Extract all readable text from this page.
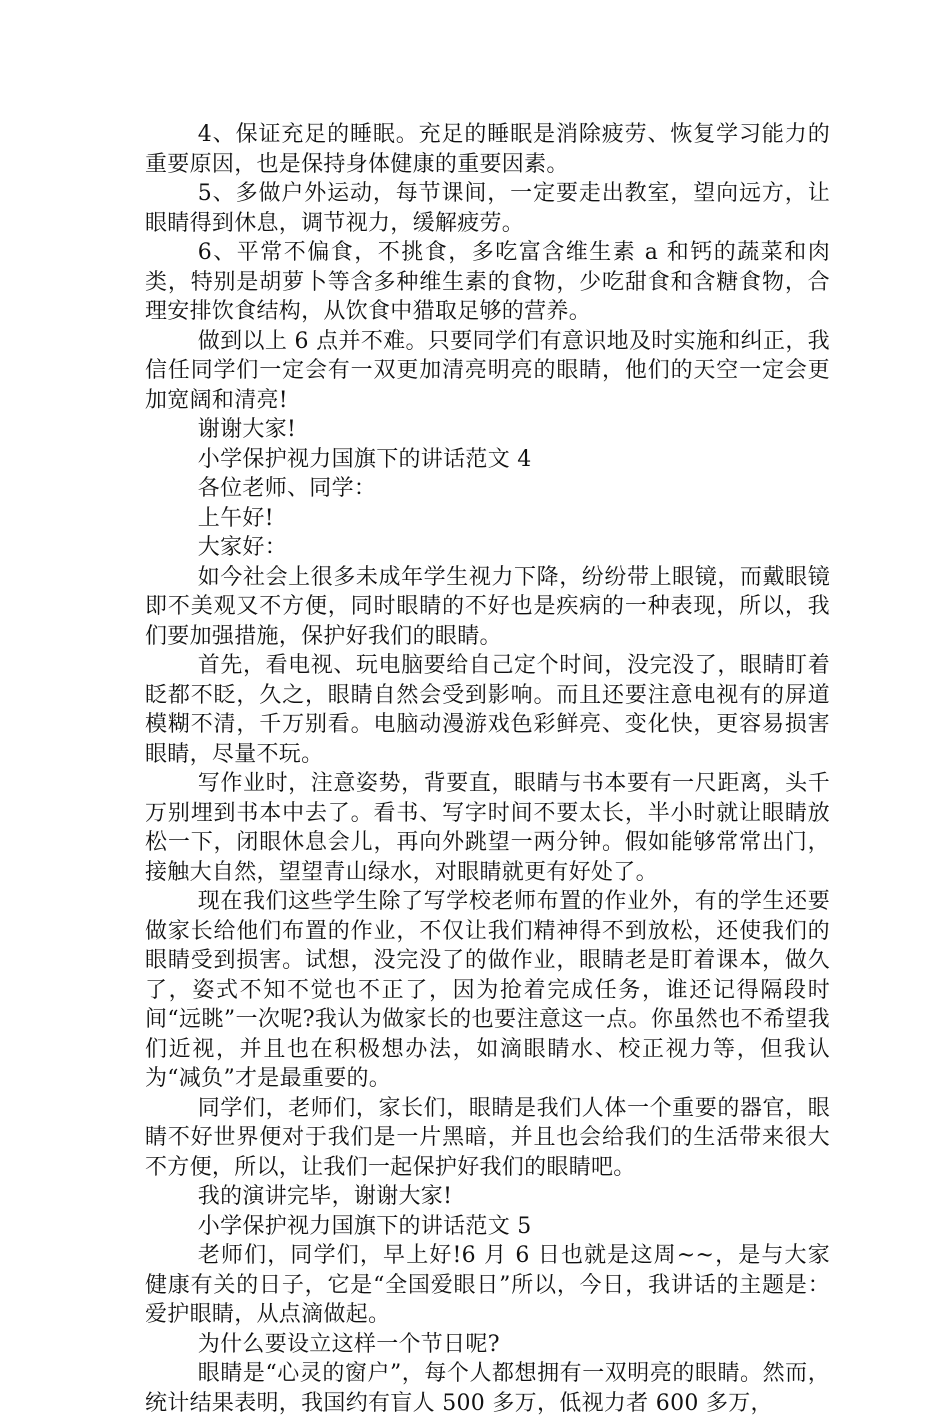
4、保证充足的睡眠。充足的睡眠是消除疲劳、恢复学习能力的重要原因，也是保持身体健康的重要因素。

5、多做户外运动，每节课间，一定要走出教室，望向远方，让眼睛得到休息，调节视力，缓解疲劳。

6、平常不偏食，不挑食，多吃富含维生素 a 和钙的蔬菜和肉类，特别是胡萝卜等含多种维生素的食物，少吃甜食和含糖食物，合理安排饮食结构，从饮食中猎取足够的营养。

做到以上 6 点并不难。只要同学们有意识地及时实施和纠正，我信任同学们一定会有一双更加清亮明亮的眼睛，他们的天空一定会更加宽阔和清亮!

谢谢大家!

小学保护视力国旗下的讲话范文 4

各位老师、同学：

上午好!

大家好：

如今社会上很多未成年学生视力下降，纷纷带上眼镜，而戴眼镜即不美观又不方便，同时眼睛的不好也是疾病的一种表现，所以，我们要加强措施，保护好我们的眼睛。

首先，看电视、玩电脑要给自己定个时间，没完没了，眼睛盯着眨都不眨，久之，眼睛自然会受到影响。而且还要注意电视有的屏道模糊不清，千万别看。电脑动漫游戏色彩鲜亮、变化快，更容易损害眼睛，尽量不玩。

写作业时，注意姿势，背要直，眼睛与书本要有一尺距离，头千万别埋到书本中去了。看书、写字时间不要太长，半小时就让眼睛放松一下，闭眼休息会儿，再向外跳望一两分钟。假如能够常常出门，接触大自然，望望青山绿水，对眼睛就更有好处了。

现在我们这些学生除了写学校老师布置的作业外，有的学生还要做家长给他们布置的作业，不仅让我们精神得不到放松，还使我们的眼睛受到损害。试想，没完没了的做作业，眼睛老是盯着课本，做久了，姿式不知不觉也不正了，因为抢着完成任务，谁还记得隔段时间“远眺”一次呢?我认为做家长的也要注意这一点。你虽然也不希望我们近视，并且也在积极想办法，如滴眼睛水、校正视力等，但我认为“减负”才是最重要的。

同学们，老师们，家长们，眼睛是我们人体一个重要的器官，眼睛不好世界便对于我们是一片黑暗，并且也会给我们的生活带来很大不方便，所以，让我们一起保护好我们的眼睛吧。

我的演讲完毕，谢谢大家!

小学保护视力国旗下的讲话范文 5

老师们，同学们，早上好!6 月 6 日也就是这周~~，是与大家健康有关的日子，它是“全国爱眼日”所以，今日，我讲话的主题是：爱护眼睛，从点滴做起。

为什么要设立这样一个节日呢?

眼睛是“心灵的窗户”，每个人都想拥有一双明亮的眼睛。然而，统计结果表明，我国约有盲人 500 多万，低视力者 600 多万，
